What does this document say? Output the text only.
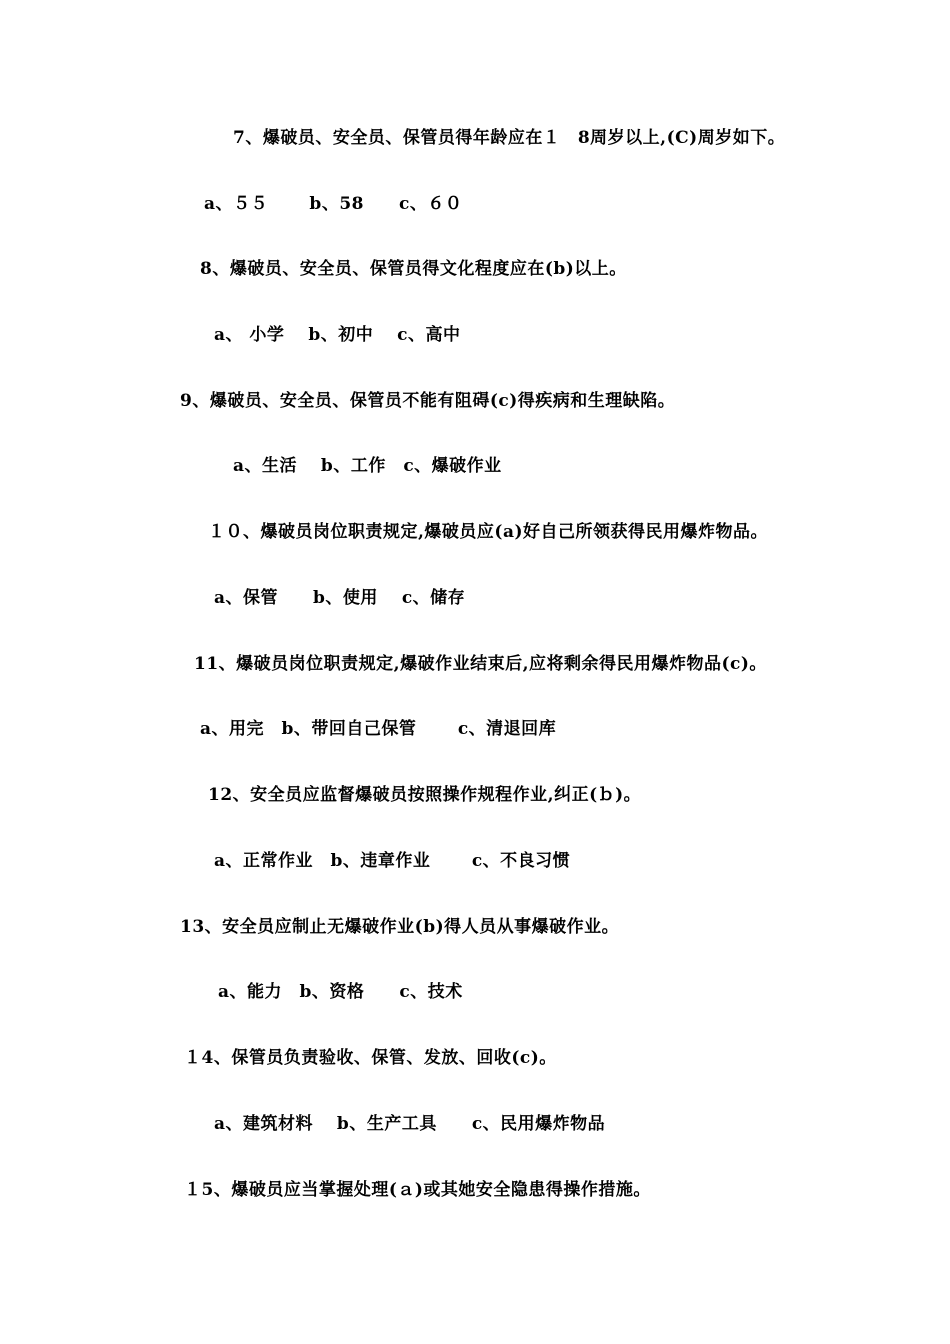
7、爆破员、安全员、保管员得年龄应在１　8周岁以上,(C)周岁如下。
a、５５　　 b、58　　c、６０
8、爆破员、安全员、保管员得文化程度应在(b)以上。
a、 小学　 b、初中　 c、高中
9、爆破员、安全员、保管员不能有阻碍(c)得疾病和生理缺陷。
a、生活　 b、工作　c、爆破作业
１０、爆破员岗位职责规定,爆破员应(a)好自己所领获得民用爆炸物品。
a、保管　　b、使用　 c、储存
11、爆破员岗位职责规定,爆破作业结束后,应将剩余得民用爆炸物品(c)。
a、用完　b、带回自己保管　　 c、清退回库
12、安全员应监督爆破员按照操作规程作业,纠正(ｂ)。
a、正常作业　b、违章作业　　 c、不良习惯
13、安全员应制止无爆破作业(b)得人员从事爆破作业。
a、能力　b、资格　　c、技术
１4、保管员负责验收、保管、发放、回收(c)。
a、建筑材料　 b、生产工具　　c、民用爆炸物品
１5、爆破员应当掌握处理(ａ)或其她安全隐患得操作措施。
